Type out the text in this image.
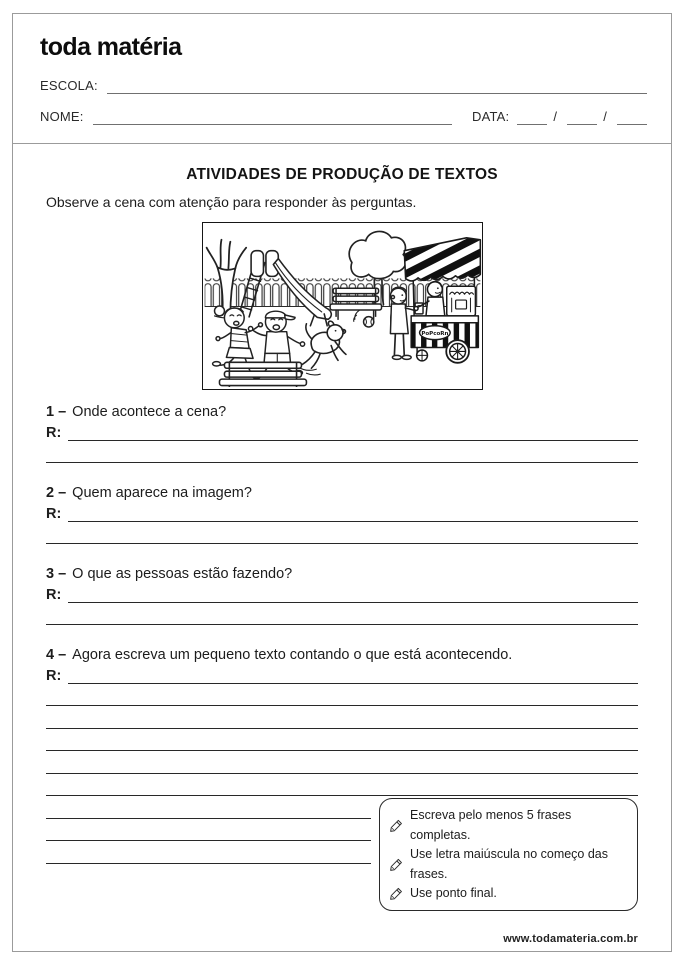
toda matéria
ESCOLA:
NOME:	DATA:	/	/
ATIVIDADES DE PRODUÇÃO DE TEXTOS
Observe a cena com atenção para responder às perguntas.
PoPcoRn

1 – Onde acontece a cena?

R:

2 – Quem aparece na imagem?

R:

3 – O que as pessoas estão fazendo?

R:

4 – Agora escreva um pequeno texto contando o que está acontecendo.

R:
Escreva pelo menos 5 frases completas.
Use letra maiúscula no começo das frases.
Use ponto final.
www.todamateria.com.br
